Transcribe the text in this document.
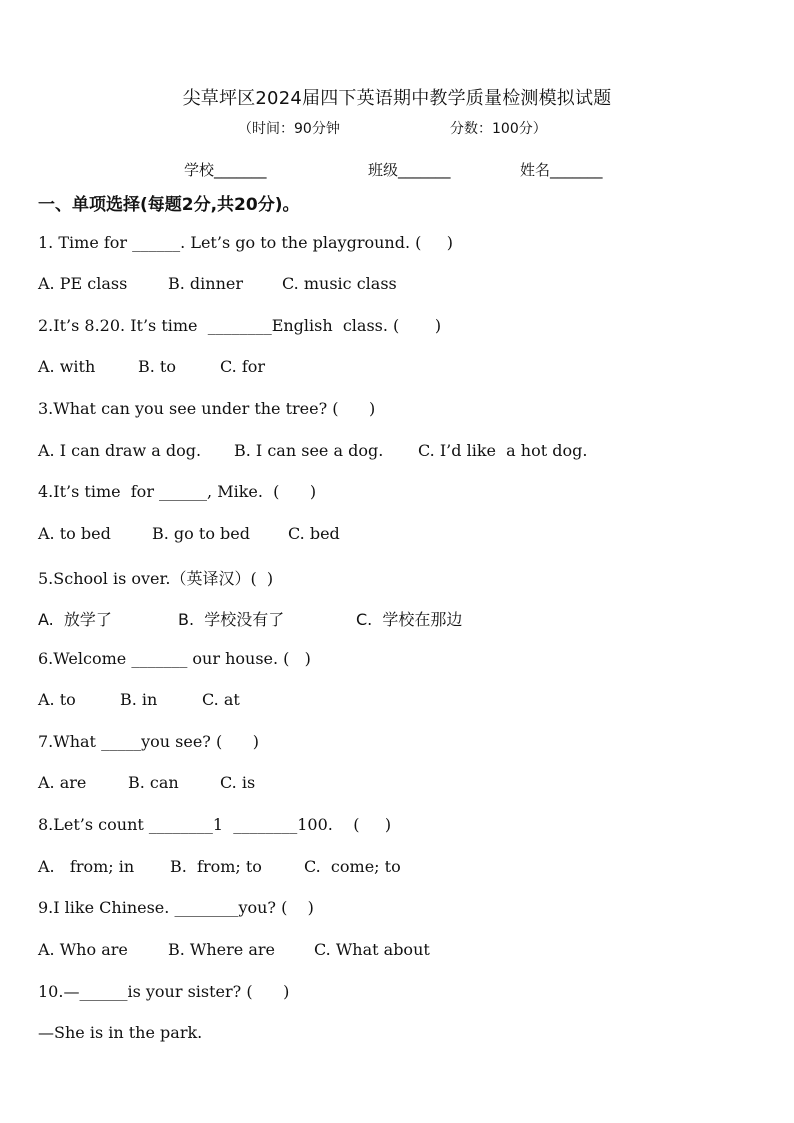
尖草坪区2024届四下英语期中教学质量检测模拟试题
（时间：90分钟	分数：100分）
学校_______	班级_______	姓名_______
一、单项选择(每题2分,共20分)。
1. Time for ______. Let’s go to the playground. (     )
A. PE class	B. dinner C. music class
2.It’s 8.20. It’s time  ________English  class. (       )
A. with	B. to	C. for
3.What can you see under the tree? (      )
A. I can draw a dog. B. I can see a dog. C. I’d like  a hot dog.
4.It’s time  for ______, Mike.  (      )
A. to bed	B. go to bed C. bed
5.School is over.（英译汉）(  )
A.  放学了	B.  学校没有了	C.  学校在那边
6.Welcome _______ our house. (   )
A. to	B. in	C. at
7.What _____you see? (      )
A. are	B. can	C. is
8.Let’s count ________1  ________100.    (     )
A.   from; in B.  from; to	C.  come; to
9.I like Chinese. ________you? (    )
A. Who are	B. Where are C. What about
10.—______is your sister? (      )
—She is in the park.
